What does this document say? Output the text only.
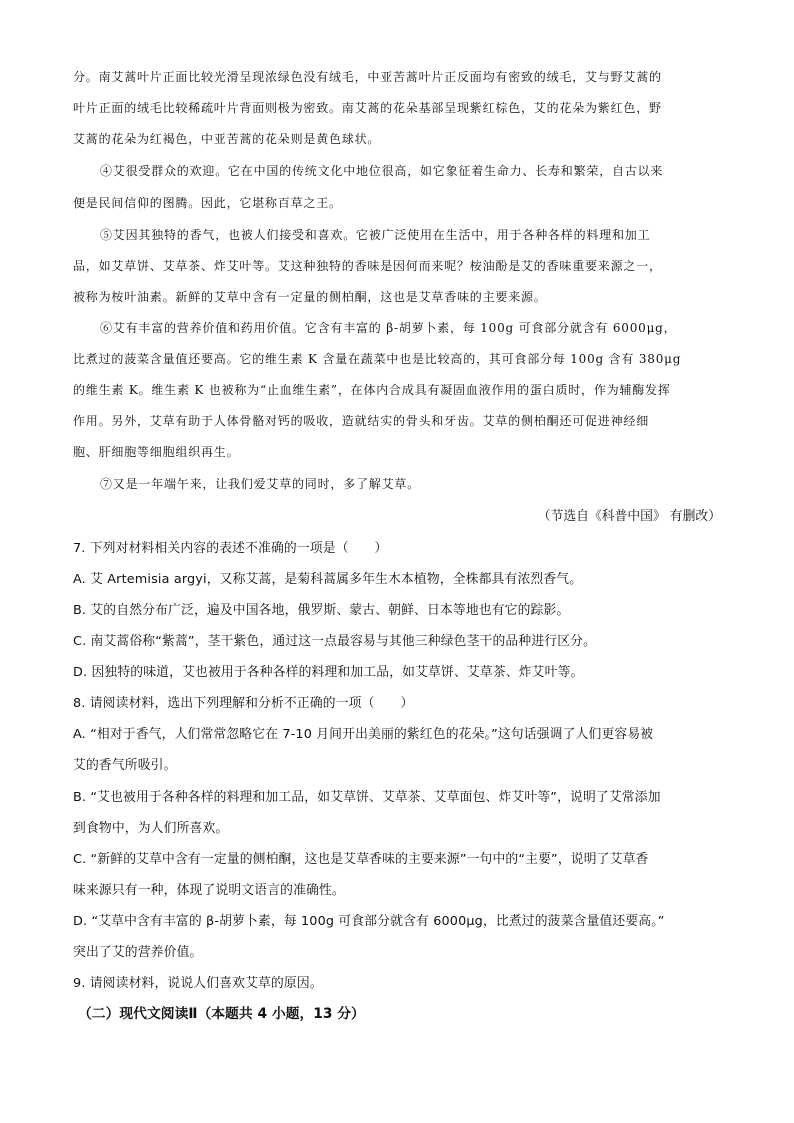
分。南艾蒿叶片正面比较光滑呈现浓绿色没有绒毛，中亚苦蒿叶片正反面均有密致的绒毛，艾与野艾蒿的
叶片正面的绒毛比较稀疏叶片背面则极为密致。南艾蒿的花朵基部呈现紫红棕色，艾的花朵为紫红色，野
艾蒿的花朵为红褐色，中亚苦蒿的花朵则是黄色球状。
④艾很受群众的欢迎。它在中国的传统文化中地位很高，如它象征着生命力、长寿和繁荣，自古以来
便是民间信仰的图腾。因此，它堪称百草之王。
⑤艾因其独特的香气，也被人们接受和喜欢。它被广泛使用在生活中，用于各种各样的料理和加工
品，如艾草饼、艾草茶、炸艾叶等。艾这种独特的香味是因何而来呢？桉油酚是艾的香味重要来源之一，
被称为桉叶油素。新鲜的艾草中含有一定量的侧柏酮，这也是艾草香味的主要来源。
⑥艾有丰富的营养价值和药用价值。它含有丰富的 β-胡萝卜素，每 100g 可食部分就含有 6000μg，
比煮过的菠菜含量值还要高。它的维生素 K 含量在蔬菜中也是比较高的，其可食部分每 100g 含有 380μg
的维生素 K。维生素 K 也被称为“止血维生素”，在体内合成具有凝固血液作用的蛋白质时，作为辅酶发挥
作用。另外，艾草有助于人体骨骼对钙的吸收，造就结实的骨头和牙齿。艾草的侧柏酮还可促进神经细
胞、肝细胞等细胞组织再生。
⑦又是一年端午来，让我们爱艾草的同时，多了解艾草。
（节选自《科普中国》 有删改）
7. 下列对材料相关内容的表述不准确的一项是（　　）
A. 艾 Artemisia argyi，又称艾蒿，是菊科蒿属多年生木本植物，全株都具有浓烈香气。
B. 艾的自然分布广泛，遍及中国各地，俄罗斯、蒙古、朝鲜、日本等地也有它的踪影。
C. 南艾蒿俗称“紫蒿”，茎干紫色，通过这一点最容易与其他三种绿色茎干的品种进行区分。
D. 因独特的味道，艾也被用于各种各样的料理和加工品，如艾草饼、艾草茶、炸艾叶等。
8. 请阅读材料，选出下列理解和分析不正确的一项（　　）
A. “相对于香气，人们常常忽略它在 7-10 月间开出美丽的紫红色的花朵。”这句话强调了人们更容易被
艾的香气所吸引。
B. “艾也被用于各种各样的料理和加工品，如艾草饼、艾草茶、艾草面包、炸艾叶等”，说明了艾常添加
到食物中，为人们所喜欢。
C. “新鲜的艾草中含有一定量的侧柏酮，这也是艾草香味的主要来源”一句中的“主要”，说明了艾草香
味来源只有一种，体现了说明文语言的准确性。
D. “艾草中含有丰富的 β-胡萝卜素，每 100g 可食部分就含有 6000μg，比煮过的菠菜含量值还要高。”
突出了艾的营养价值。
9. 请阅读材料，说说人们喜欢艾草的原因。
（二）现代文阅读Ⅱ（本题共 4 小题，13 分）
